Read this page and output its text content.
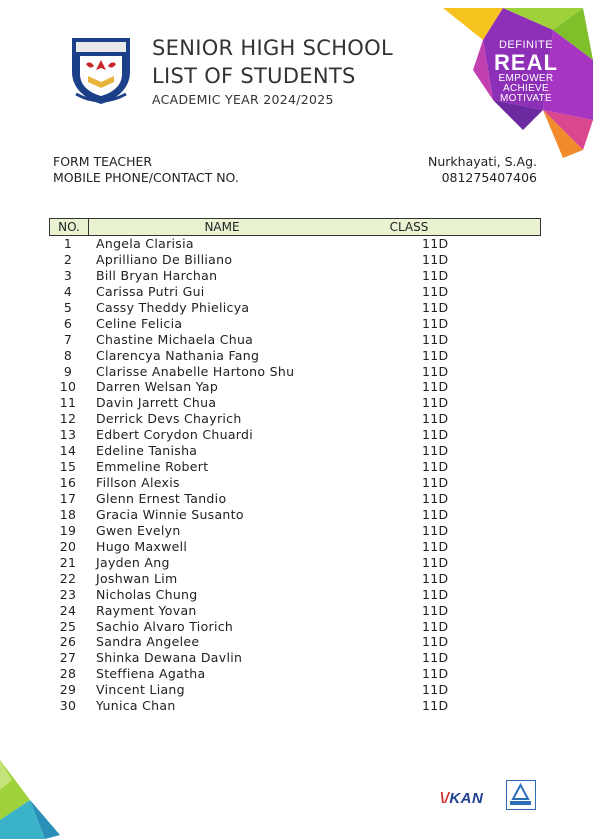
SENIOR HIGH SCHOOL
LIST OF STUDENTS
ACADEMIC YEAR 2024/2025
DEFINITE
REAL
EMPOWER
ACHIEVE
MOTIVATE
FORM TEACHER
MOBILE PHONE/CONTACT NO.
Nurkhayati, S.Ag.
081275407406
NO.	NAME	CLASS
1	Angela Clarisia	11D
2	Aprilliano De Billiano	11D
3	Bill Bryan Harchan	11D
4	Carissa Putri Gui	11D
5	Cassy Theddy Phielicya	11D
6	Celine Felicia	11D
7	Chastine Michaela Chua	11D
8	Clarencya Nathania Fang	11D
9	Clarisse Anabelle Hartono Shu	11D
10	Darren Welsan Yap	11D
11	Davin Jarrett Chua	11D
12	Derrick Devs Chayrich	11D
13	Edbert Corydon Chuardi	11D
14	Edeline Tanisha	11D
15	Emmeline Robert	11D
16	Fillson Alexis	11D
17	Glenn Ernest Tandio	11D
18	Gracia Winnie Susanto	11D
19	Gwen Evelyn	11D
20	Hugo Maxwell	11D
21	Jayden Ang	11D
22	Joshwan Lim	11D
23	Nicholas Chung	11D
24	Rayment Yovan	11D
25	Sachio Alvaro Tiorich	11D
26	Sandra Angelee	11D
27	Shinka Dewana Davlin	11D
28	Steffiena Agatha	11D
29	Vincent Liang	11D
30	Yunica Chan	11D
\/KAN
